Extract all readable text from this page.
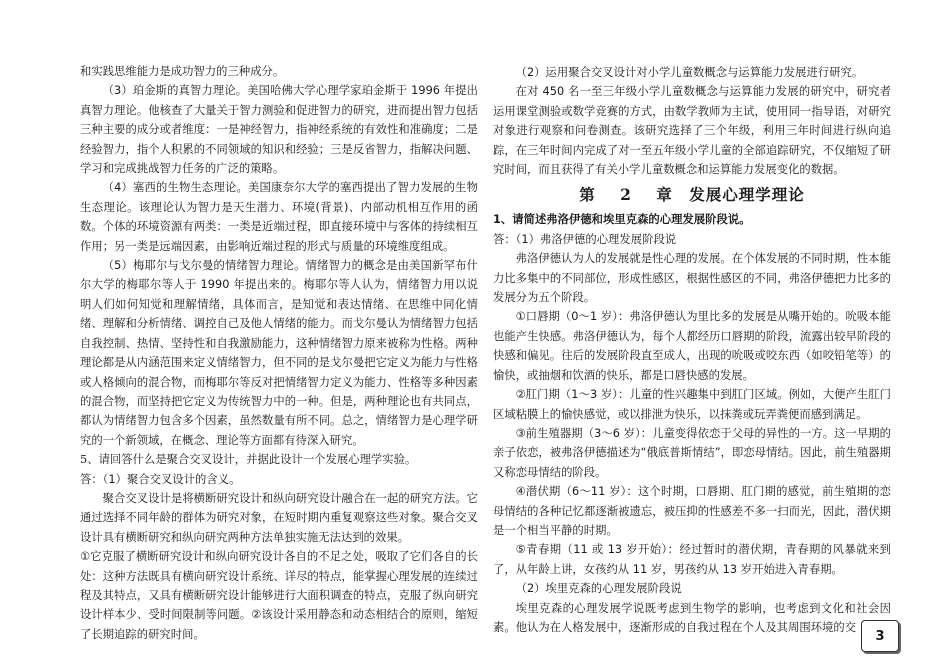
和实践思维能力是成功智力的三种成分。

（3）珀金斯的真智力理论。美国哈佛大学心理学家珀金斯于 1996 年提出真智力理论。他核查了大量关于智力测验和促进智力的研究，进而提出智力包括三种主要的成分或者维度：一是神经智力，指神经系统的有效性和准确度；二是经验智力，指个人积累的不同领域的知识和经验；三是反省智力，指解决问题、学习和完成挑战智力任务的广泛的策略。

（4）塞西的生物生态理论。美国康奈尔大学的塞西提出了智力发展的生物生态理论。该理论认为智力是天生潜力、环境(背景)、内部动机相互作用的函数。个体的环境资源有两类：一类是近端过程，即直接环境中与客体的持续相互作用；另一类是远端因素，由影响近端过程的形式与质量的环境维度组成。

（5）梅耶尔与戈尔曼的情绪智力理论。情绪智力的概念是由美国新罕布什尔大学的梅耶尔等人于 1990 年提出来的。梅耶尔等人认为，情绪智力用以说明人们如何知觉和理解情绪，具体而言，是知觉和表达情绪、在思维中同化情绪、理解和分析情绪、调控自己及他人情绪的能力。而戈尔曼认为情绪智力包括自我控制、热情、坚持性和自我激励能力，这种情绪智力原来被称为性格。两种理论都是从内涵范围来定义情绪智力，但不同的是戈尔曼把它定义为能力与性格或人格倾向的混合物，而梅耶尔等反对把情绪智力定义为能力、性格等多种因素的混合物，而坚持把它定义为传统智力中的一种。但是，两种理论也有共同点，都认为情绪智力包含多个因素，虽然数量有所不同。总之，情绪智力是心理学研究的一个新领域，在概念、理论等方面都有待深入研究。

5、请回答什么是聚合交叉设计，并据此设计一个发展心理学实验。

答：（1）聚合交叉设计的含义。

聚合交叉设计是将横断研究设计和纵向研究设计融合在一起的研究方法。它通过选择不同年龄的群体为研究对象，在短时期内重复观察这些对象。聚合交叉设计具有横断研究和纵向研究两种方法单独实施无法达到的效果。

①它克服了横断研究设计和纵向研究设计各自的不足之处，吸取了它们各自的长处：这种方法既具有横向研究设计系统、详尽的特点，能掌握心理发展的连续过程及其特点，又具有横断研究设计能够进行大面积调查的特点，克服了纵向研究设计样本少、受时间限制等问题。②该设计采用静态和动态相结合的原则，缩短了长期追踪的研究时间。

（2）运用聚合交叉设计对小学儿童数概念与运算能力发展进行研究。

在对 450 名一至三年级小学儿童数概念与运算能力发展的研究中，研究者运用课堂测验或数学竞赛的方式，由数学教师为主试，使用同一指导语，对研究对象进行观察和问卷测查。该研究选择了三个年级，利用三年时间进行纵向追踪，在三年时间内完成了对一至五年级小学儿童的全部追踪研究，不仅缩短了研究时间，而且获得了有关小学儿童数概念和运算能力发展变化的数据。

第 2 章　发展心理学理论

1、请简述弗洛伊德和埃里克森的心理发展阶段说。

答：（1）弗洛伊德的心理发展阶段说

弗洛伊德认为人的发展就是性心理的发展。在个体发展的不同时期，性本能力比多集中的不同部位，形成性感区，根据性感区的不同，弗洛伊德把力比多的发展分为五个阶段。

①口唇期（0～1 岁）：弗洛伊德认为里比多的发展是从嘴开始的。吮吸本能也能产生快感。弗洛伊德认为，每个人都经历口唇期的阶段，流露出较早阶段的快感和偏见。往后的发展阶段直至成人，出现的吮吸或咬东西（如咬铅笔等）的愉快，或抽烟和饮酒的快乐，都是口唇快感的发展。

②肛门期（1～3 岁）：儿童的性兴趣集中到肛门区域。例如，大便产生肛门区域粘膜上的愉快感觉，或以排泄为快乐，以抹粪或玩弄粪便而感到满足。

③前生殖器期（3～6 岁）：儿童变得依恋于父母的异性的一方。这一早期的亲子依恋，被弗洛伊德描述为“俄底普斯情结”，即恋母情结。因此，前生殖器期又称恋母情结的阶段。

④潜伏期（6～11 岁）：这个时期，口唇期、肛门期的感觉，前生殖期的恋母情结的各种记忆都逐渐被遗忘，被压抑的性感差不多一扫而光，因此，潜伏期是一个相当平静的时期。

⑤青春期（11 或 13 岁开始）：经过暂时的潜伏期，青春期的风暴就来到了，从年龄上讲，女孩约从 11 岁，男孩约从 13 岁开始进入青春期。

（2）埃里克森的心理发展阶段说

埃里克森的心理发展学说既考虑到生物学的影响，也考虑到文化和社会因素。他认为在人格发展中，逐渐形成的自我过程在个人及其周围环境的交

3
